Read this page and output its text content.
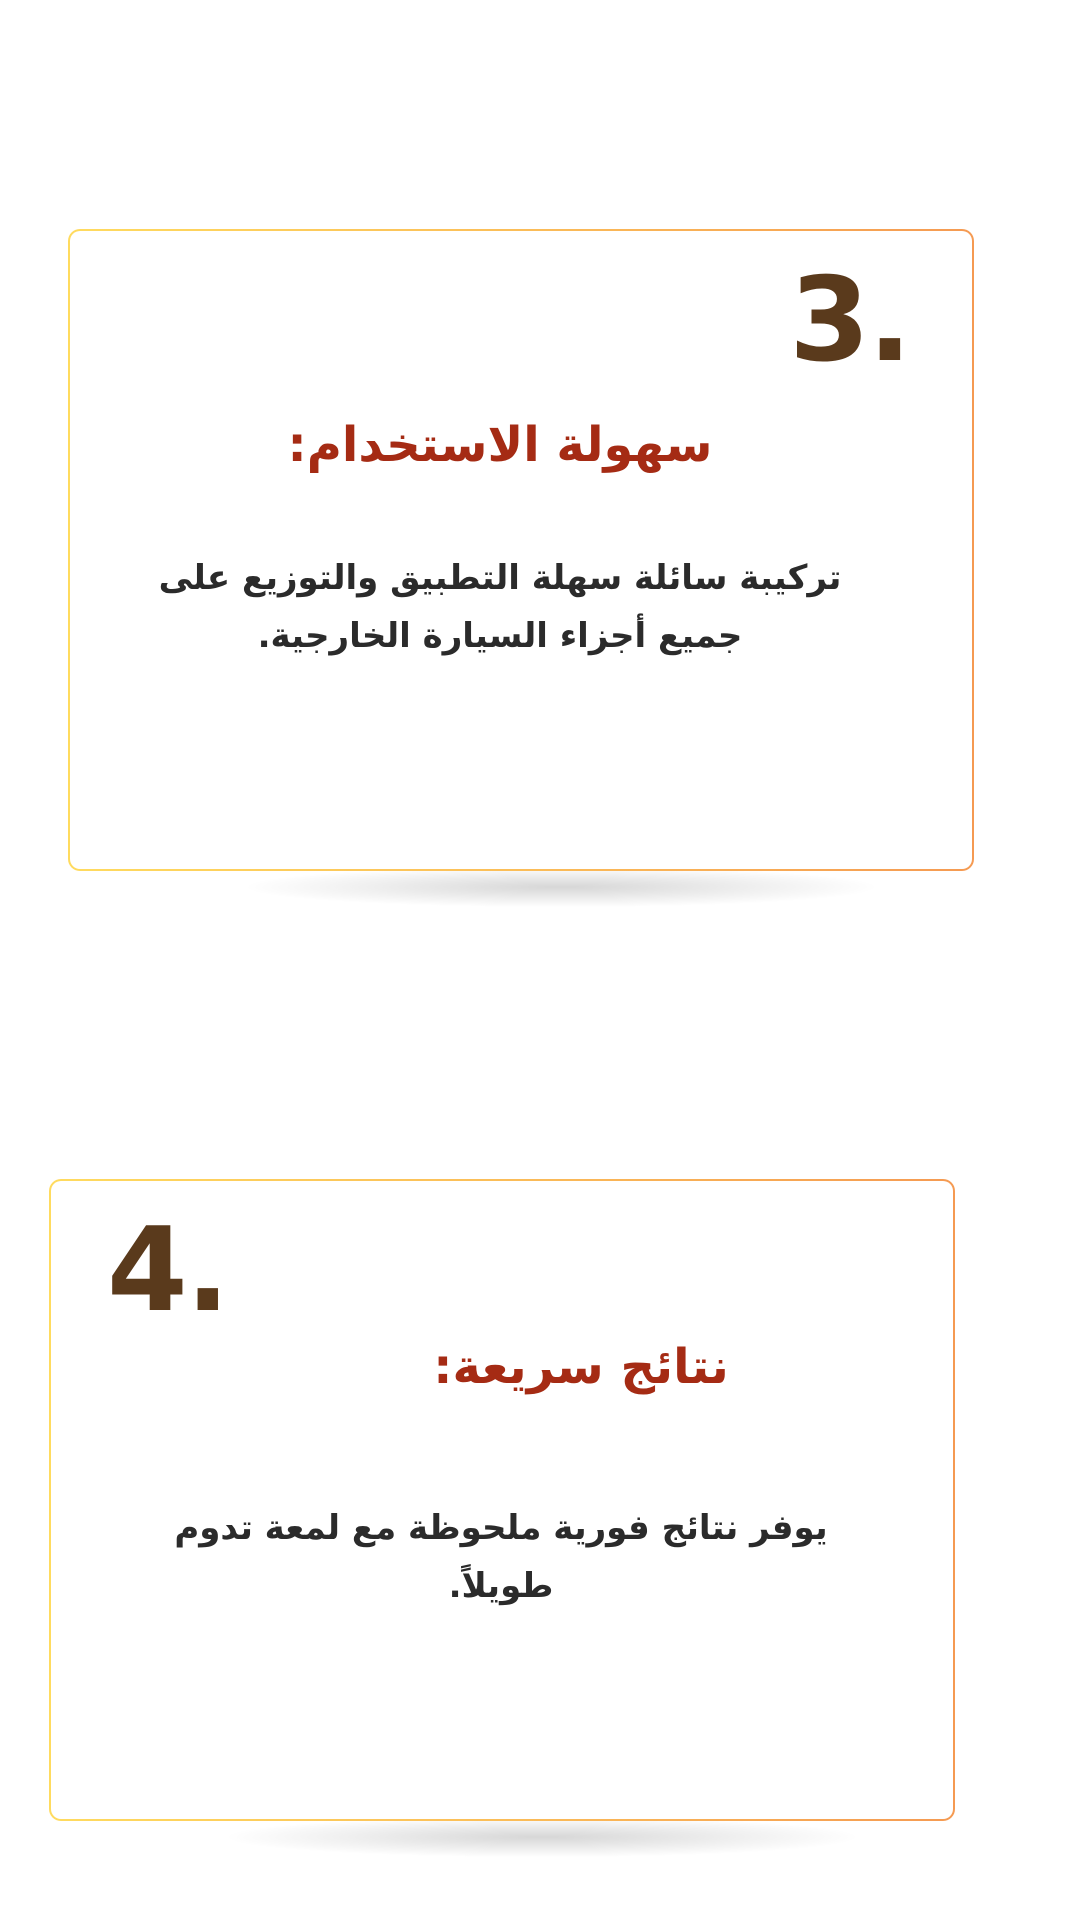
3.
سهولة الاستخدام:
تركيبة سائلة سهلة التطبيق والتوزيع على جميع أجزاء السيارة الخارجية.
4.
نتائج سريعة:
يوفر نتائج فورية ملحوظة مع لمعة تدوم طويلاً.
